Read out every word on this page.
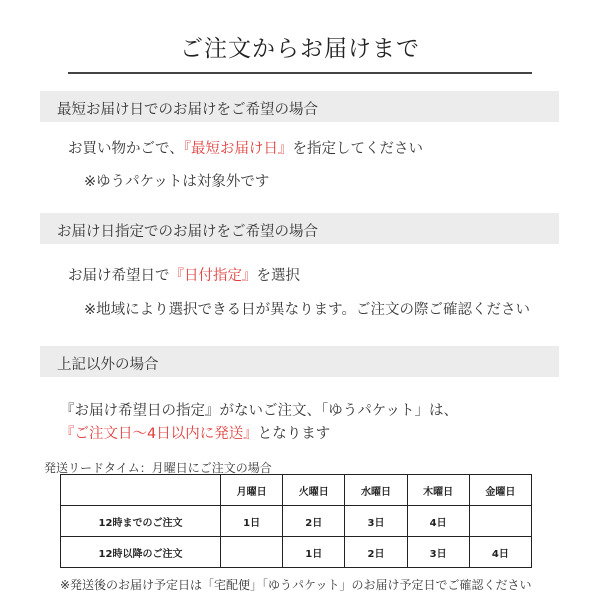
ご注文からお届けまで
最短お届け日でのお届けをご希望の場合
お買い物かごで、『最短お届け日』を指定してください
※ゆうパケットは対象外です
お届け日指定でのお届けをご希望の場合
お届け希望日で『日付指定』を選択
※地域により選択できる日が異なります。ご注文の際ご確認ください
上記以外の場合
『お届け希望日の指定』がないご注文、「ゆうパケット」は、
『ご注文日～4日以内に発送』となります
発送リードタイム：月曜日にご注文の場合
	月曜日	火曜日	水曜日	木曜日	金曜日
12時までのご注文	1日	2日	3日	4日	
12時以降のご注文		1日	2日	3日	4日
※発送後のお届け予定日は「宅配便」「ゆうパケット」のお届け予定日でご確認ください
